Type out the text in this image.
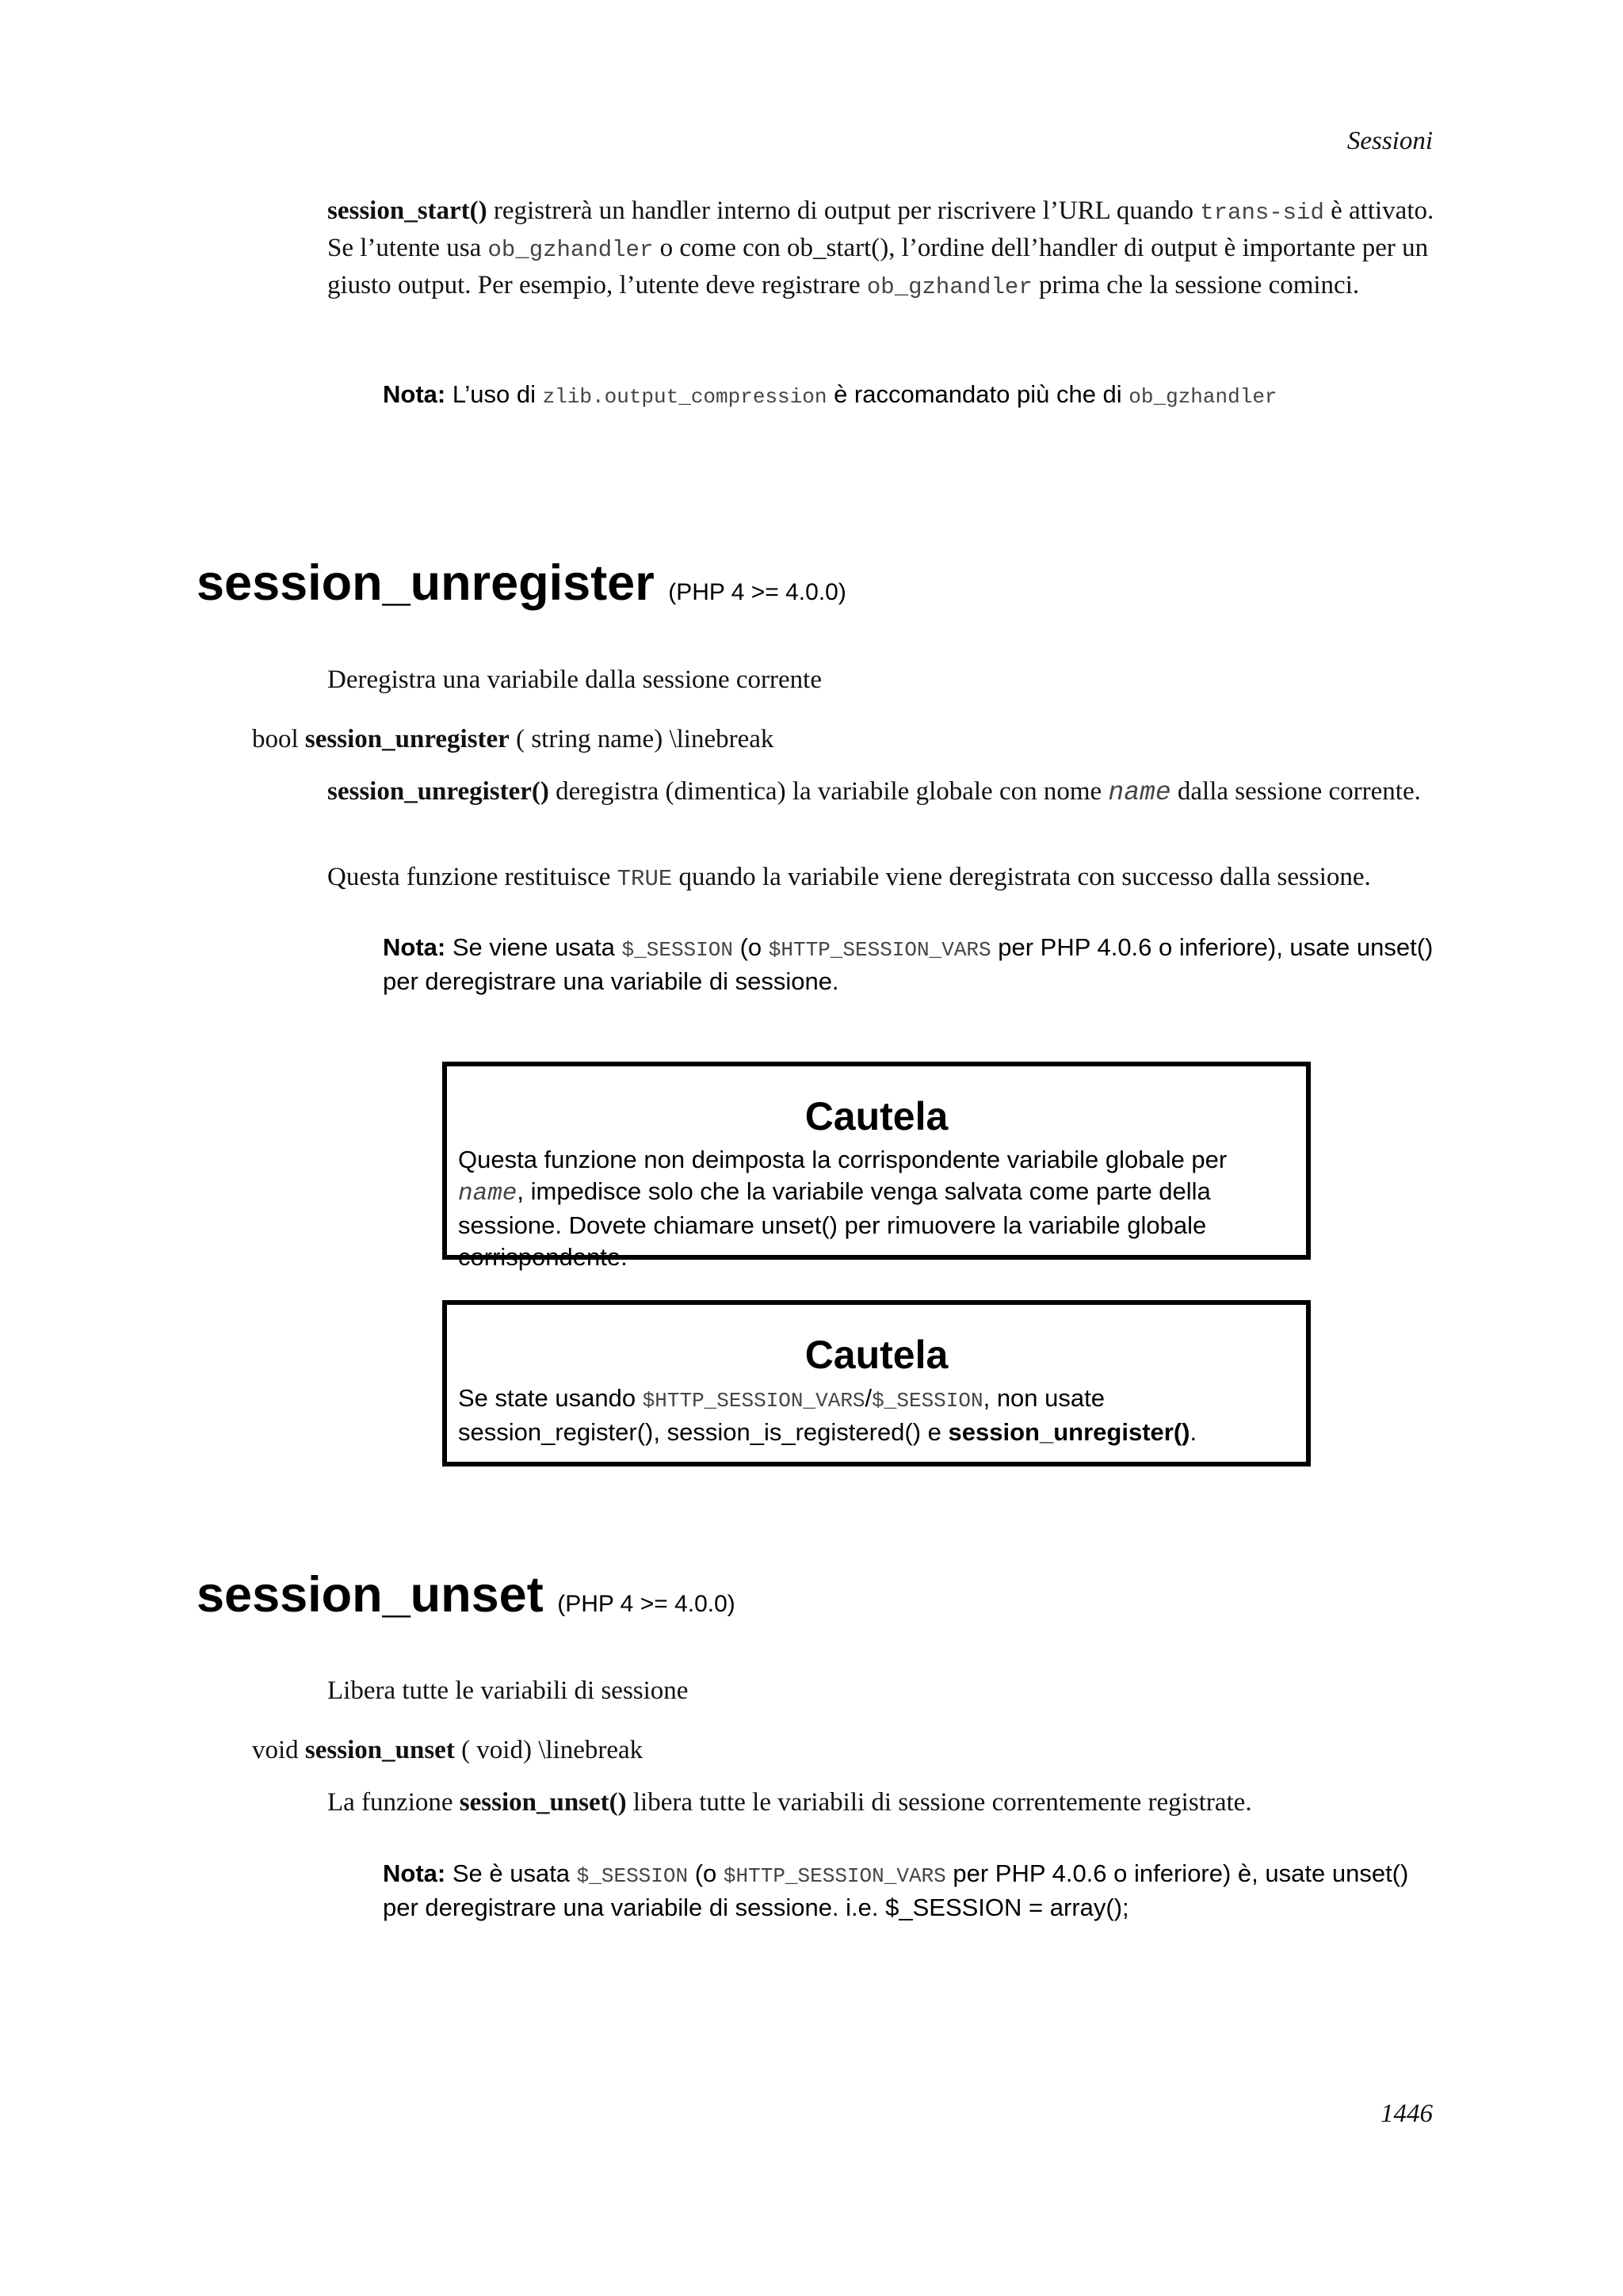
Sessioni
session_start() registrerà un handler interno di output per riscrivere l’URL quando trans-sid è attivato. Se l’utente usa ob_gzhandler o come con ob_start(), l’ordine dell’handler di output è importante per un giusto output. Per esempio, l’utente deve registrare ob_gzhandler prima che la sessione cominci.
Nota: L’uso di zlib.output_compression è raccomandato più che di ob_gzhandler
session_unregister (PHP 4 >= 4.0.0)
Deregistra una variabile dalla sessione corrente
bool session_unregister ( string name) \linebreak
session_unregister() deregistra (dimentica) la variabile globale con nome name dalla sessione corrente.
Questa funzione restituisce TRUE quando la variabile viene deregistrata con successo dalla sessione.
Nota: Se viene usata $_SESSION (o $HTTP_SESSION_VARS per PHP 4.0.6 o inferiore), usate unset() per deregistrare una variabile di sessione.
Cautela
Questa funzione non deimposta la corrispondente variabile globale per name, impedisce solo che la variabile venga salvata come parte della sessione. Dovete chiamare unset() per rimuovere la variabile globale corrispondente.
Cautela
Se state usando $HTTP_SESSION_VARS/$_SESSION, non usate session_register(), session_is_registered() e session_unregister().
session_unset (PHP 4 >= 4.0.0)
Libera tutte le variabili di sessione
void session_unset ( void) \linebreak
La funzione session_unset() libera tutte le variabili di sessione correntemente registrate.
Nota: Se è usata $_SESSION (o $HTTP_SESSION_VARS per PHP 4.0.6 o inferiore) è, usate unset() per deregistrare una variabile di sessione. i.e. $_SESSION = array();
1446
